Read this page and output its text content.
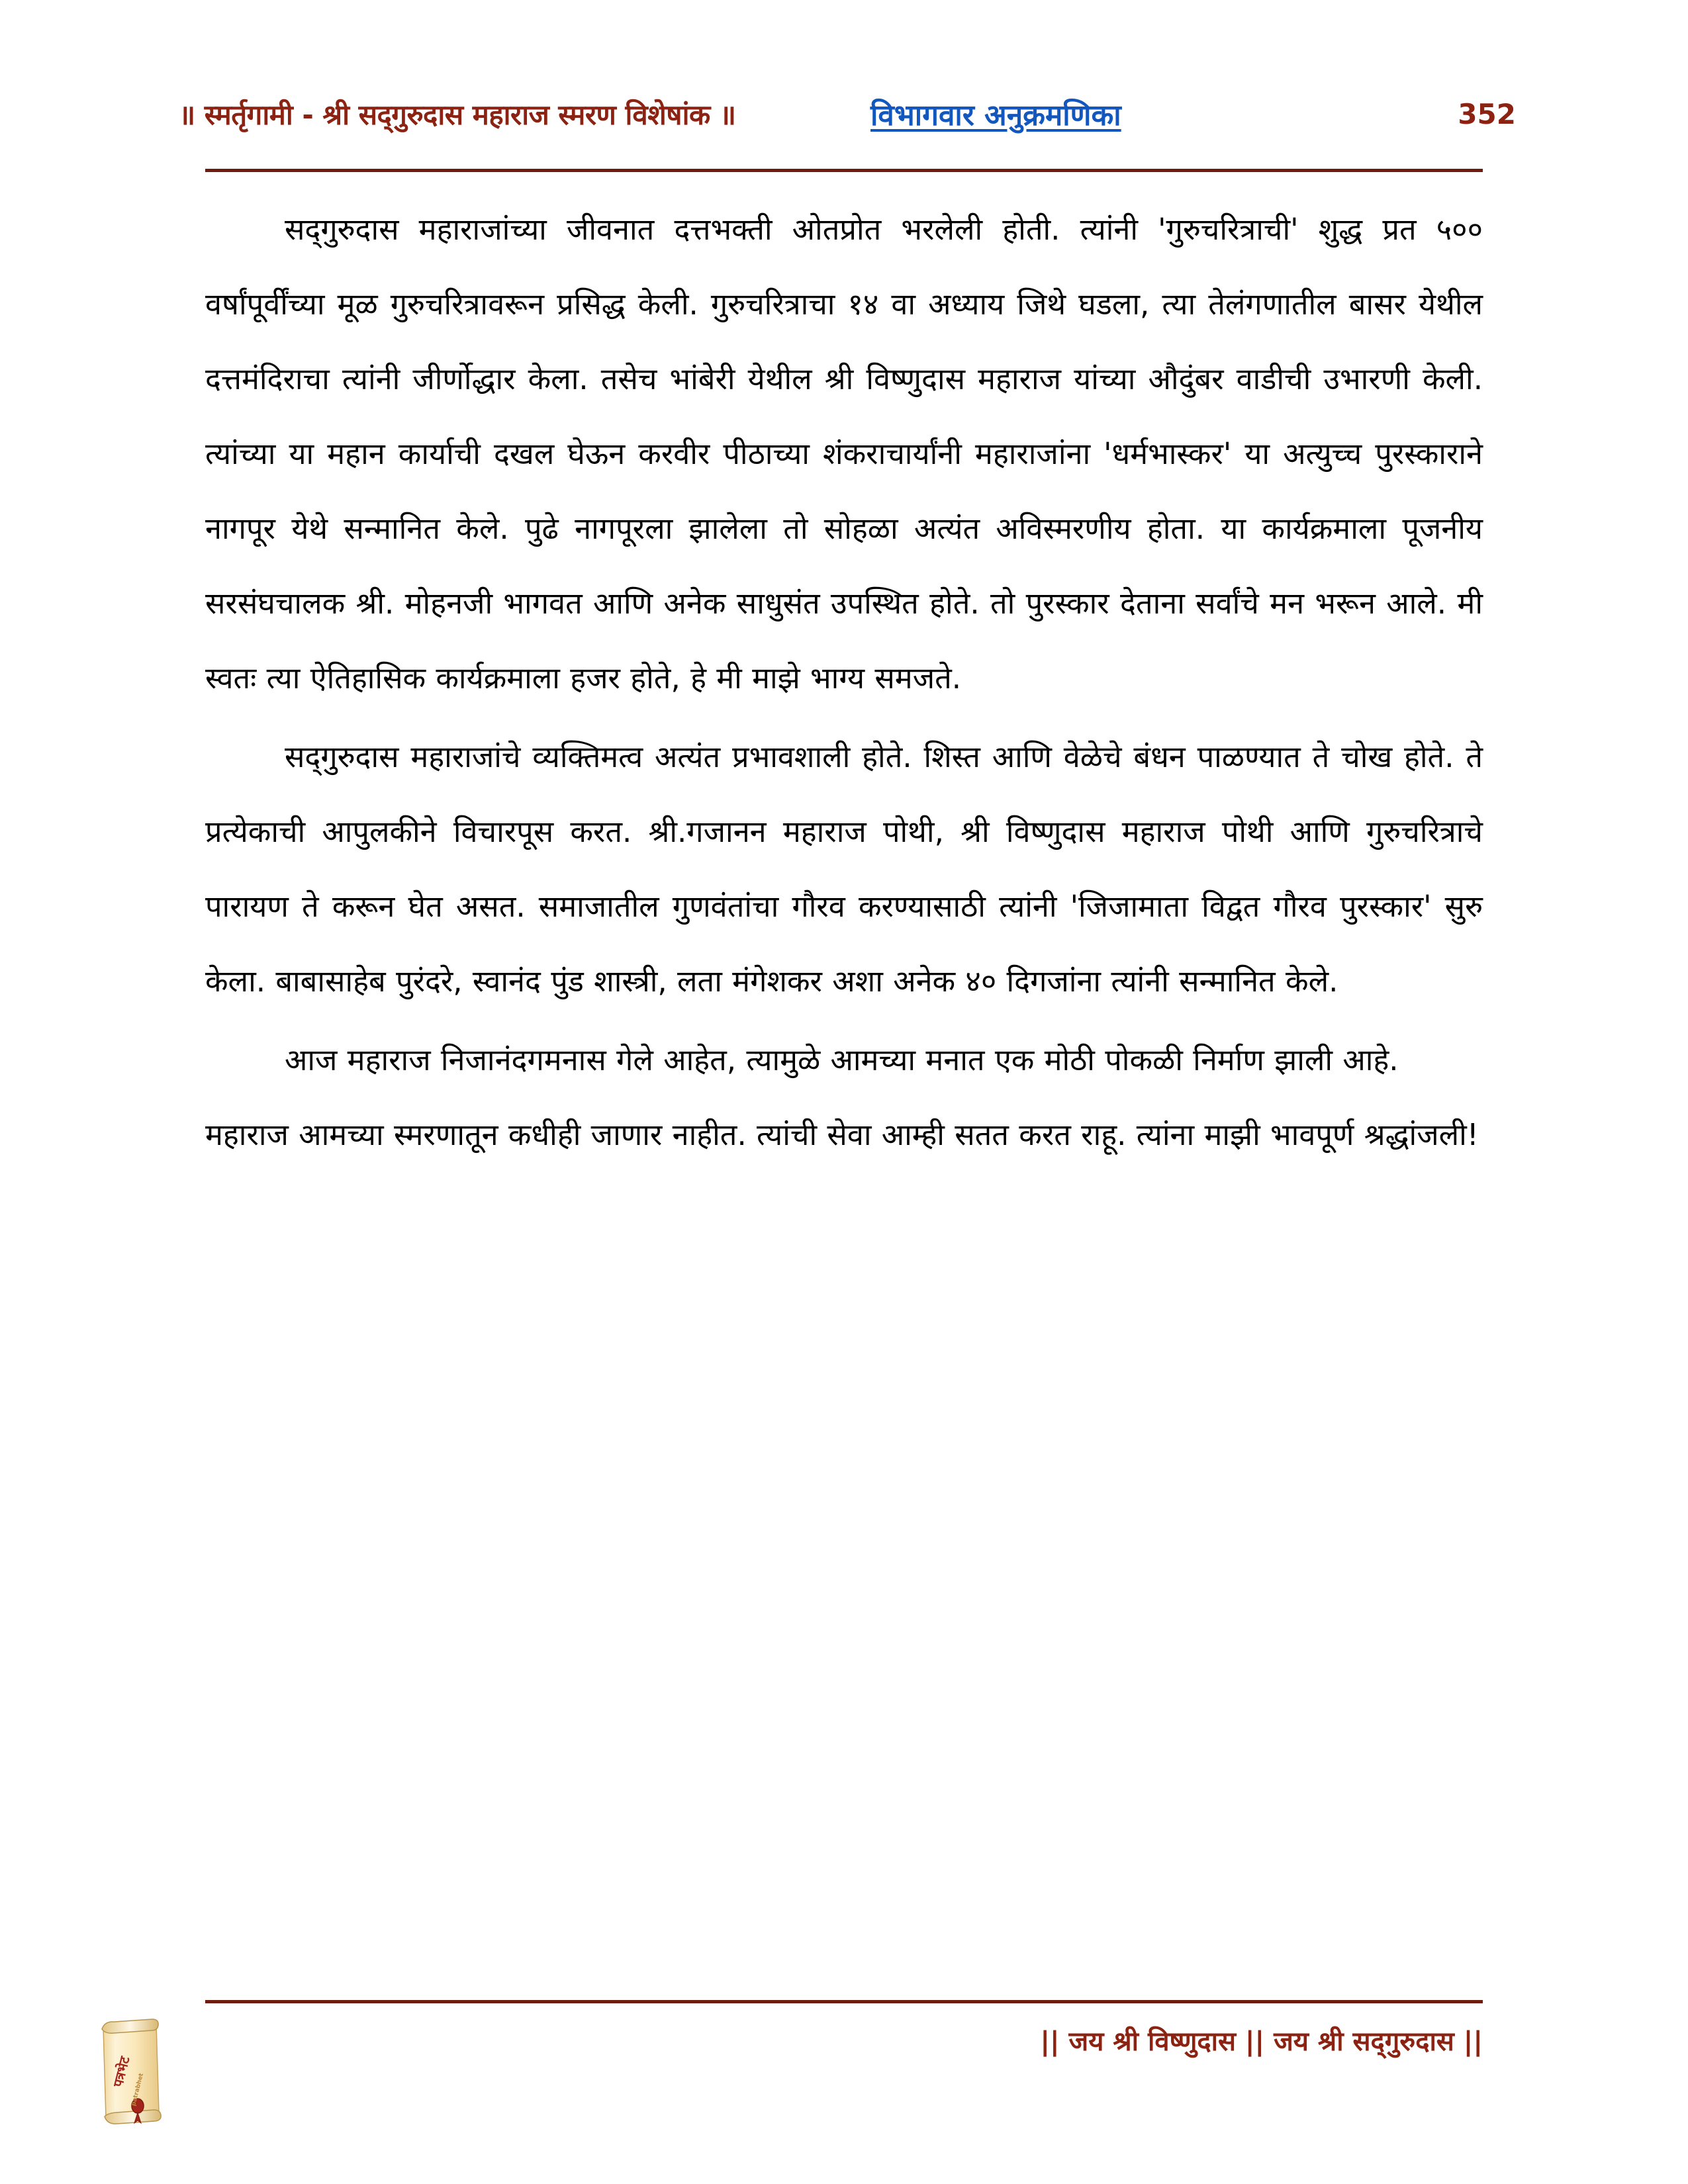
॥ स्मर्तृगामी - श्री सद्‌गुरुदास महाराज स्मरण विशेषांक ॥	विभागवार अनुक्रमणिका	352

सद्‌गुरुदास महाराजांच्या जीवनात दत्तभक्ती ओतप्रोत भरलेली होती. त्यांनी 'गुरुचरित्राची' शुद्ध प्रत ५०० वर्षांपूर्वींच्या मूळ गुरुचरित्रावरून प्रसिद्ध केली. गुरुचरित्राचा १४ वा अध्याय जिथे घडला, त्या तेलंगणातील बासर येथील दत्तमंदिराचा त्यांनी जीर्णोद्धार केला. तसेच भांबेरी येथील श्री विष्णुदास महाराज यांच्या औदुंबर वाडीची उभारणी केली. त्यांच्या या महान कार्याची दखल घेऊन करवीर पीठाच्या शंकराचार्यांनी महाराजांना 'धर्मभास्कर' या अत्युच्च पुरस्काराने नागपूर येथे सन्मानित केले. पुढे नागपूरला झालेला तो सोहळा अत्यंत अविस्मरणीय होता. या कार्यक्रमाला पूजनीय सरसंघचालक श्री. मोहनजी भागवत आणि अनेक साधुसंत उपस्थित होते. तो पुरस्कार देताना सर्वांचे मन भरून आले. मी स्वतः त्या ऐतिहासिक कार्यक्रमाला हजर होते, हे मी माझे भाग्य समजते.

सद्‌गुरुदास महाराजांचे व्यक्तिमत्व अत्यंत प्रभावशाली होते. शिस्त आणि वेळेचे बंधन पाळण्यात ते चोख होते. ते प्रत्येकाची आपुलकीने विचारपूस करत. श्री.गजानन महाराज पोथी, श्री विष्णुदास महाराज पोथी आणि गुरुचरित्राचे पारायण ते करून घेत असत. समाजातील गुणवंतांचा गौरव करण्यासाठी त्यांनी 'जिजामाता विद्वत गौरव पुरस्कार' सुरु केला. बाबासाहेब पुरंदरे, स्वानंद पुंड शास्त्री, लता मंगेशकर अशा अनेक ४० दिगजांना त्यांनी सन्मानित केले.

आज महाराज निजानंदगमनास गेले आहेत, त्यामुळे आमच्या मनात एक मोठी पोकळी निर्माण झाली आहे. महाराज आमच्या स्मरणातून कधीही जाणार नाहीत. त्यांची सेवा आम्ही सतत करत राहू. त्यांना माझी भावपूर्ण श्रद्धांजली!

पत्रभेट
patrabhet
|| जय श्री विष्णुदास || जय श्री सद्‌गुरुदास ||
